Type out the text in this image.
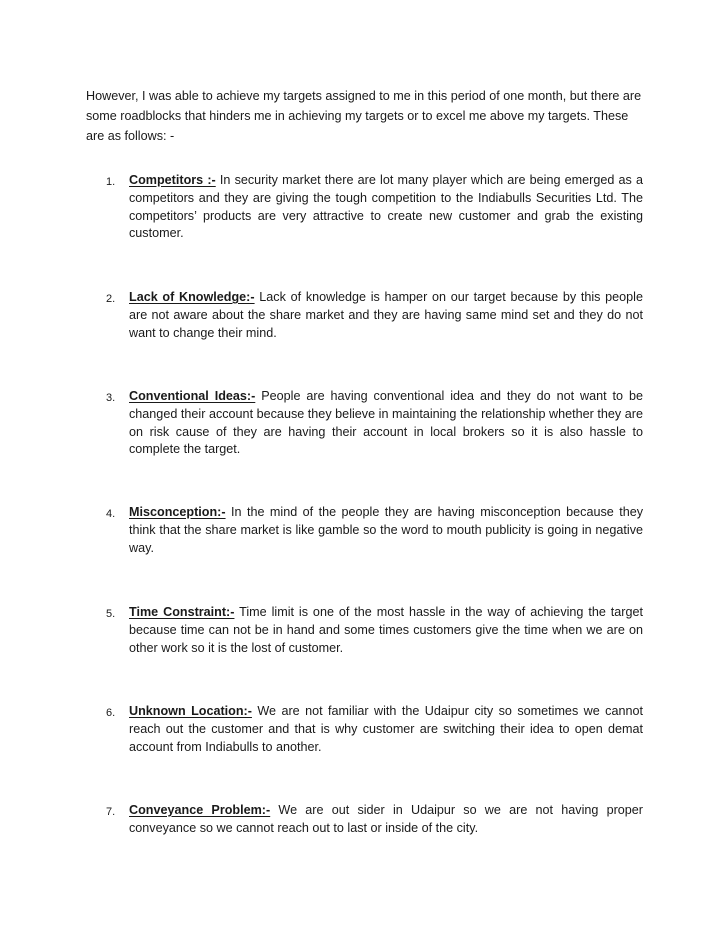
However, I was able to achieve my targets assigned to me in this period of one month, but there are some roadblocks that hinders me in achieving my targets or to excel me above my targets. These are as follows: -

1. Competitors :- In security market there are lot many player which are being emerged as a competitors and they are giving the tough competition to the Indiabulls Securities Ltd. The competitors’ products are very attractive to create new customer and grab the existing customer.

2. Lack of Knowledge:- Lack of knowledge is hamper on our target because by this people are not aware about the share market and they are having same mind set and they do not want to change their mind.

3. Conventional Ideas:- People are having conventional idea and they do not want to be changed their account because they believe in maintaining the relationship whether they are on risk cause of they are having their account in local brokers so it is also hassle to complete the target.

4. Misconception:- In the mind of the people they are having misconception because they think that the share market is like gamble so the word to mouth publicity is going in negative way.

5. Time Constraint:- Time limit is one of the most hassle in the way of achieving the target because time can not be in hand and some times customers give the time when we are on other work so it is the lost of customer.

6. Unknown Location:- We are not familiar with the Udaipur city so sometimes we cannot reach out the customer and that is why customer are switching their idea to open demat account from Indiabulls to another.

7. Conveyance Problem:- We are out sider in Udaipur so we are not having proper conveyance so we cannot reach out to last or inside of the city.
